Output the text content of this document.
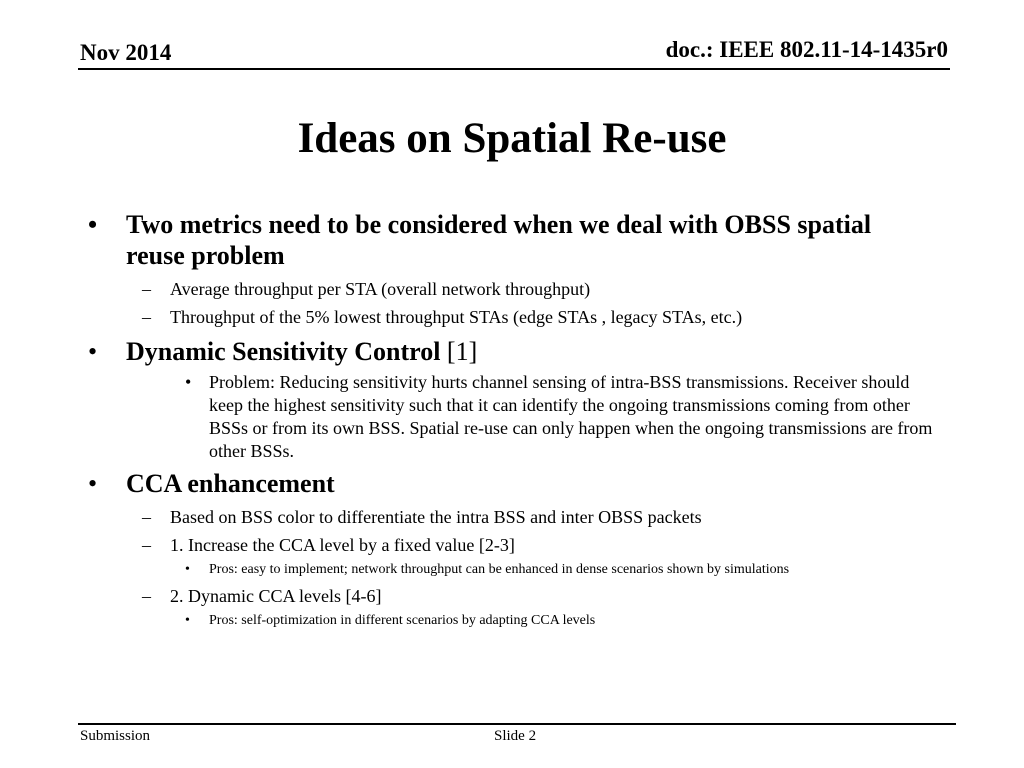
Nov 2014	doc.: IEEE 802.11-14-1435r0
Ideas on Spatial Re-use
• Two metrics need to be considered when we deal with OBSS spatial reuse problem
– Average throughput per STA (overall network throughput)
– Throughput of the 5% lowest throughput STAs (edge STAs , legacy STAs, etc.)
• Dynamic Sensitivity Control [1]
• Problem: Reducing sensitivity hurts channel sensing of intra-BSS transmissions. Receiver should keep the highest sensitivity such that it can identify the ongoing transmissions coming from other BSSs or from its own BSS. Spatial re-use can only happen when the ongoing transmissions are from other BSSs.
• CCA enhancement
– Based on BSS color to differentiate the intra BSS and inter OBSS packets
– 1. Increase the CCA level by a fixed value [2-3]
• Pros: easy to implement; network throughput can be enhanced in dense scenarios shown by simulations
– 2. Dynamic CCA levels [4-6]
• Pros: self-optimization in different scenarios by adapting CCA levels
Submission	Slide 2
